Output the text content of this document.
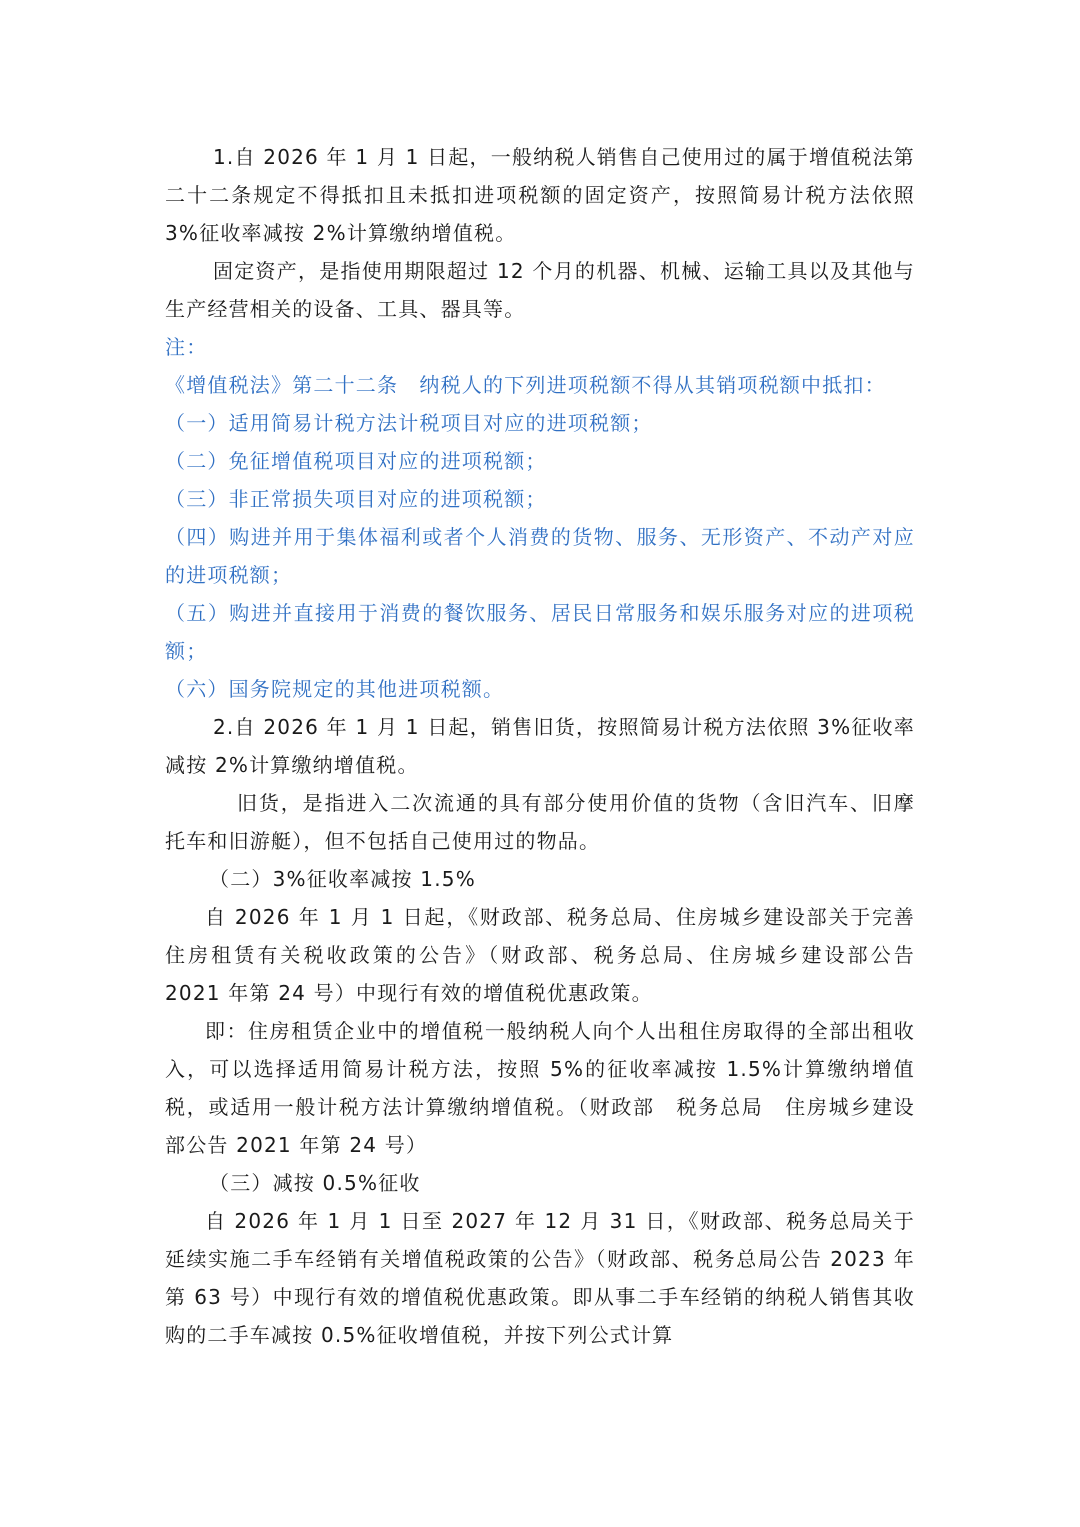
1.自 2026 年 1 月 1 日起，一般纳税人销售自己使用过的属于增值税法第二十二条规定不得抵扣且未抵扣进项税额的固定资产，按照简易计税方法依照 3%征收率减按 2%计算缴纳增值税。

固定资产，是指使用期限超过 12 个月的机器、机械、运输工具以及其他与生产经营相关的设备、工具、器具等。

注：

《增值税法》第二十二条　纳税人的下列进项税额不得从其销项税额中抵扣：

（一）适用简易计税方法计税项目对应的进项税额；

（二）免征增值税项目对应的进项税额；

（三）非正常损失项目对应的进项税额；

（四）购进并用于集体福利或者个人消费的货物、服务、无形资产、不动产对应的进项税额；

（五）购进并直接用于消费的餐饮服务、居民日常服务和娱乐服务对应的进项税额；

（六）国务院规定的其他进项税额。

2.自 2026 年 1 月 1 日起，销售旧货，按照简易计税方法依照 3%征收率减按 2%计算缴纳增值税。

旧货，是指进入二次流通的具有部分使用价值的货物（含旧汽车、旧摩托车和旧游艇），但不包括自己使用过的物品。

（二）3%征收率减按 1.5%

自 2026 年 1 月 1 日起，《财政部、税务总局、住房城乡建设部关于完善住房租赁有关税收政策的公告》（财政部、税务总局、住房城乡建设部公告 2021 年第 24 号）中现行有效的增值税优惠政策。

即：住房租赁企业中的增值税一般纳税人向个人出租住房取得的全部出租收入，可以选择适用简易计税方法，按照 5%的征收率减按 1.5%计算缴纳增值税，或适用一般计税方法计算缴纳增值税。（财政部　税务总局　住房城乡建设部公告 2021 年第 24 号）

（三）减按 0.5%征收

自 2026 年 1 月 1 日至 2027 年 12 月 31 日，《财政部、税务总局关于延续实施二手车经销有关增值税政策的公告》（财政部、税务总局公告 2023 年第 63 号）中现行有效的增值税优惠政策。即从事二手车经销的纳税人销售其收购的二手车减按 0.5%征收增值税，并按下列公式计算
